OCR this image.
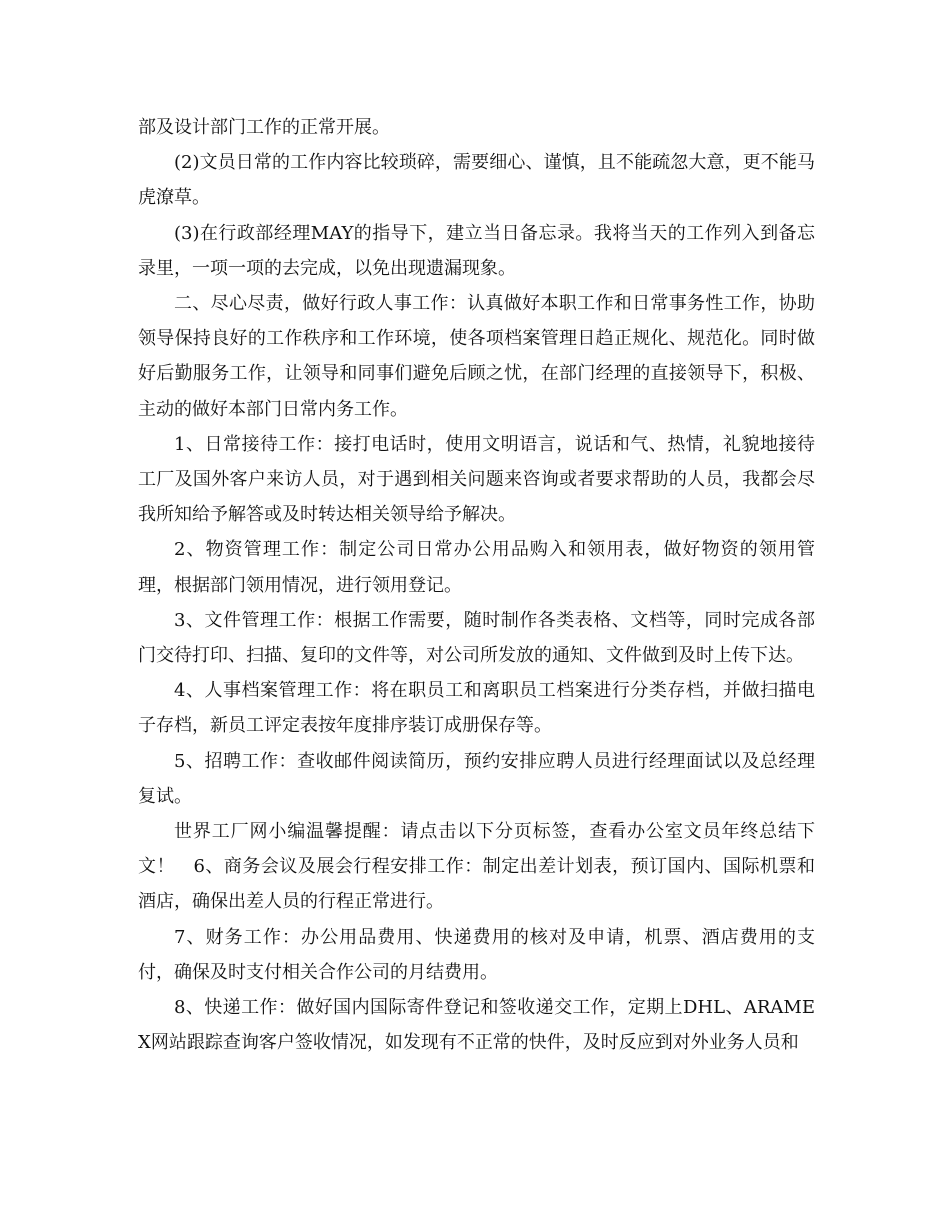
部及设计部门工作的正常开展。

(2)文员日常的工作内容比较琐碎，需要细心、谨慎，且不能疏忽大意，更不能马虎潦草。

(3)在行政部经理MAY的指导下，建立当日备忘录。我将当天的工作列入到备忘录里，一项一项的去完成，以免出现遗漏现象。

二、尽心尽责，做好行政人事工作：认真做好本职工作和日常事务性工作，协助领导保持良好的工作秩序和工作环境，使各项档案管理日趋正规化、规范化。同时做好后勤服务工作，让领导和同事们避免后顾之忧，在部门经理的直接领导下，积极、主动的做好本部门日常内务工作。

1、日常接待工作：接打电话时，使用文明语言，说话和气、热情，礼貌地接待工厂及国外客户来访人员，对于遇到相关问题来咨询或者要求帮助的人员，我都会尽我所知给予解答或及时转达相关领导给予解决。

2、物资管理工作：制定公司日常办公用品购入和领用表，做好物资的领用管理，根据部门领用情况，进行领用登记。

3、文件管理工作：根据工作需要，随时制作各类表格、文档等，同时完成各部门交待打印、扫描、复印的文件等，对公司所发放的通知、文件做到及时上传下达。

4、人事档案管理工作：将在职员工和离职员工档案进行分类存档，并做扫描电子存档，新员工评定表按年度排序装订成册保存等。

5、招聘工作：查收邮件阅读简历，预约安排应聘人员进行经理面试以及总经理复试。

世界工厂网小编温馨提醒：请点击以下分页标签，查看办公室文员年终总结下文！　6、商务会议及展会行程安排工作：制定出差计划表，预订国内、国际机票和酒店，确保出差人员的行程正常进行。

7、财务工作：办公用品费用、快递费用的核对及申请，机票、酒店费用的支付，确保及时支付相关合作公司的月结费用。

8、快递工作：做好国内国际寄件登记和签收递交工作，定期上DHL、ARAMEX网站跟踪查询客户签收情况，如发现有不正常的快件，及时反应到对外业务人员和
